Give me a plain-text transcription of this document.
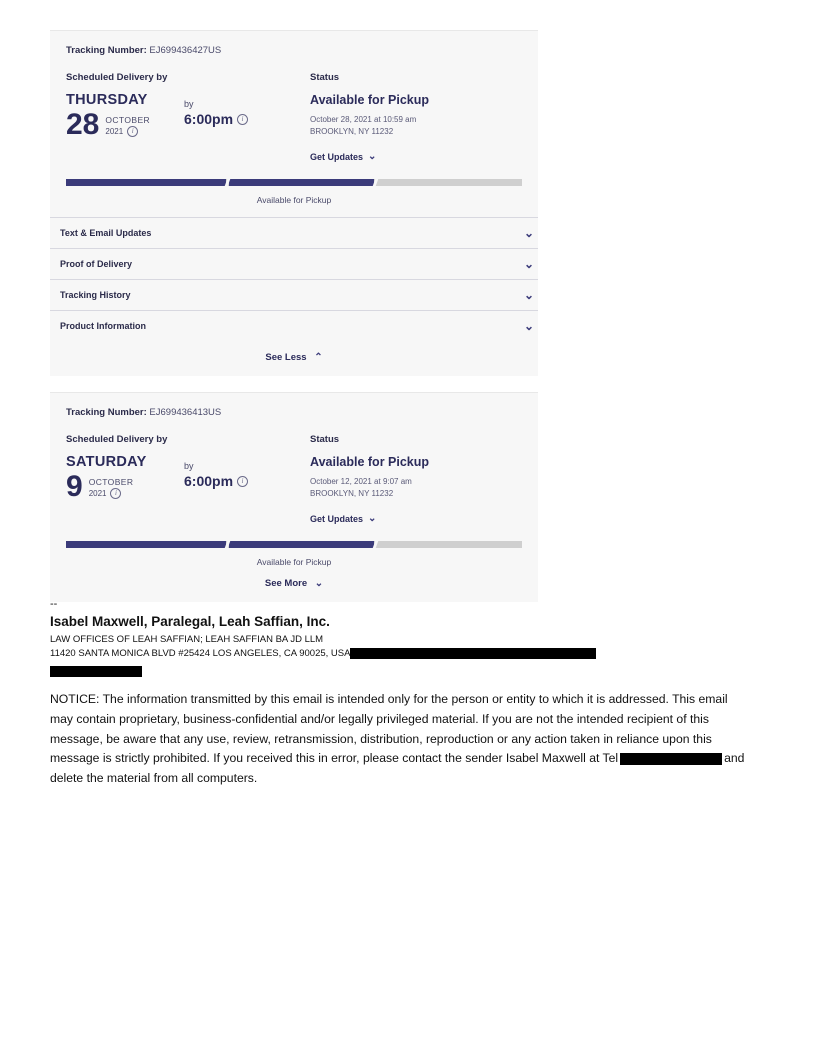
Tracking Number: EJ699436427US
Scheduled Delivery by
THURSDAY
28 OCTOBER
2021	i
by
6:00pm	i
Status
Available for Pickup
October 28, 2021 at 10:59 am
BROOKLYN, NY 11232
Get Updates ⌄
Available for Pickup
Text & Email Updates	⌄
Proof of Delivery	⌄
Tracking History	⌄
Product Information	⌄
See Less ⌃
Tracking Number: EJ699436413US
Scheduled Delivery by
SATURDAY
9 OCTOBER
2021	i
by
6:00pm	i
Status
Available for Pickup
October 12, 2021 at 9:07 am
BROOKLYN, NY 11232
Get Updates ⌄
Available for Pickup
See More ⌄
--
Isabel Maxwell, Paralegal, Leah Saffian, Inc.
LAW OFFICES OF LEAH SAFFIAN; LEAH SAFFIAN BA JD LLM
11420 SANTA MONICA BLVD #25424 LOS ANGELES, CA 90025, USA
NOTICE: The information transmitted by this email is intended only for the person or entity to which it is addressed. This email may contain proprietary, business-confidential and/or legally privileged material. If you are not the intended recipient of this message, be aware that any use, review, retransmission, distribution, reproduction or any action taken in reliance upon this message is strictly prohibited. If you received this in error, please contact the sender Isabel Maxwell at Tel	and delete the material from all computers.
